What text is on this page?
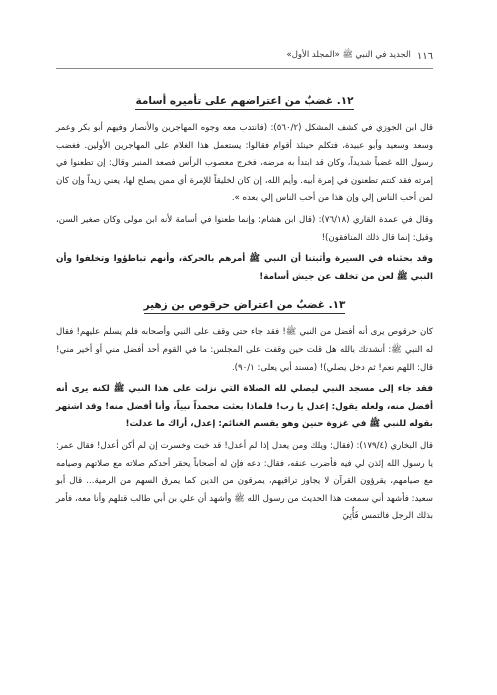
١١٦
الجديد في النبي ﷺ «المجلد الأول»
١٢. غضبٌ من اعتراضهم على تأميره أسامة

قال ابن الجوزي في كشف المشكل (٥٦٠/٢): (فانتدب معه وجوه المهاجرين والأنصار وفيهم أبو بكر وعمر وسعد وسعيد وأبو عبيدة، فتكلم حينئذ أقوام فقالوا: يستعمل هذا الغلام على المهاجرين الأولين. فغضب رسول الله غضباً شديداً، وكان قد ابتدأ به مرضه، فخرج معصوب الرأس فصعد المنبر وقال: إن تطعنوا في إمرته فقد كنتم تطعنون في إمرة أبيه. وأيم الله، إن كان لخليقاً للإمرة أي ممن يصلح لها، يعني زيداً وإن كان لمن أحب الناس إلي وإن هذا من أحب الناس إلي بعده ».

وقال في عمدة القاري (٧٦/١٨): (قال ابن هشام: وإنما طعنوا في أسامة لأنه ابن مولى وكان صغير السن، وقيل: إنما قال ذلك المنافقون)!

وقد بحثناه في السيرة وأثبتنا أن النبي ﷺ أمرهم بالحركة، وأنهم تباطؤوا وتخلفوا وأن النبي ﷺ لعن من تخلف عن جيش أسامة!

١٣. غضبٌ من اعتراض حرقوص بن زهير

كان حرقوص يرى أنه أفضل من النبي ﷺ! فقد جاء حتى وقف على النبي وأصحابه فلم يسلم عليهم! فقال له النبي ﷺ: أنشدتك بالله هل قلت حين وقفت على المجلس: ما في القوم أحد أفضل مني أو أخير مني! قال: اللهم نعم! ثم دخل يصلي)! (مسند أبي يعلى: ٩٠/١).

فقد جاء إلى مسجد النبي ليصلي لله الصلاة التي نزلت على هذا النبي ﷺ لكنه يرى أنه أفضل منه، ولعله يقول: إعدل يا رب! فلماذا بعثت محمداً نبياً، وأنا أفضل منه! وقد اشتهر بقوله للنبي ﷺ في غزوة حنين وهو يقسم الغنائم: إعدل، أراك ما عدلت!

قال البخاري (١٧٩/٤): (فقال: ويلك ومن يعدل إذا لم أعدل! قد خبت وخسرت إن لم أكن أعدل! فقال عمر: يا رسول الله إئذن لي فيه فأضرب عنقه، فقال: دعه فإن له أصحاباً يحقر أحدكم صلاته مع صلاتهم وصيامه مع صيامهم، يقرؤون القرآن لا يجاوز تراقيهم، يمرقون من الدين كما يمرق السهم من الرمية... قال أبو سعيد: فأشهد أني سمعت هذا الحديث من رسول الله ﷺ وأشهد أن علي بن أبي طالب قتلهم وأنا معه، فأمر بذلك الرجل فالتمس فَأُتِيَ
